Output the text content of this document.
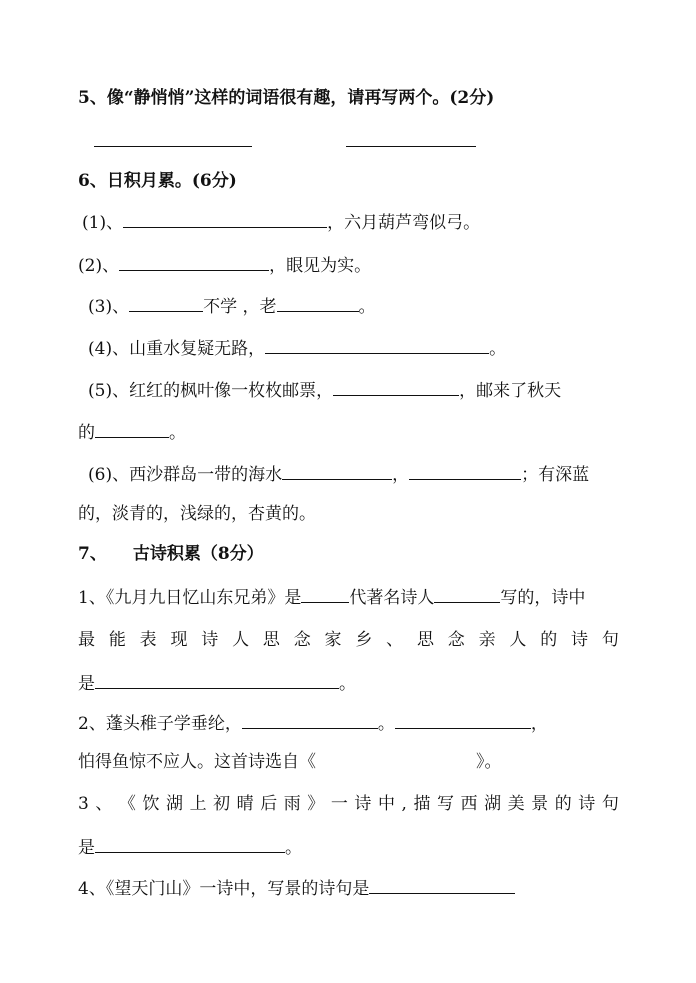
5、像“静悄悄”这样的词语很有趣，请再写两个。(2分)
6、日积月累。(6分)
(1)、	，六月葫芦弯似弓。
(2)、	，眼见为实。
(3)、	不学 ，老	。
(4)、山重水复疑无路，	。
(5)、红红的枫叶像一枚枚邮票，	，邮来了秋天
的	。
(6)、西沙群岛一带的海水	，	；有深蓝
的，淡青的，浅绿的，杏黄的。
7、 古诗积累（8分）
1、《九月九日忆山东兄弟》是	代著名诗人	写的，诗中
最 能 表 现 诗 人 思 念 家 乡 、 思 念 亲 人 的 诗 句
是	。
2、蓬头稚子学垂纶，	。	，
怕得鱼惊不应人。这首诗选自《	》。
3 、 《 饮 湖 上 初 晴 后 雨 》 一 诗 中 , 描 写 西 湖 美 景 的 诗 句
是	。
4、《望天门山》一诗中，写景的诗句是
